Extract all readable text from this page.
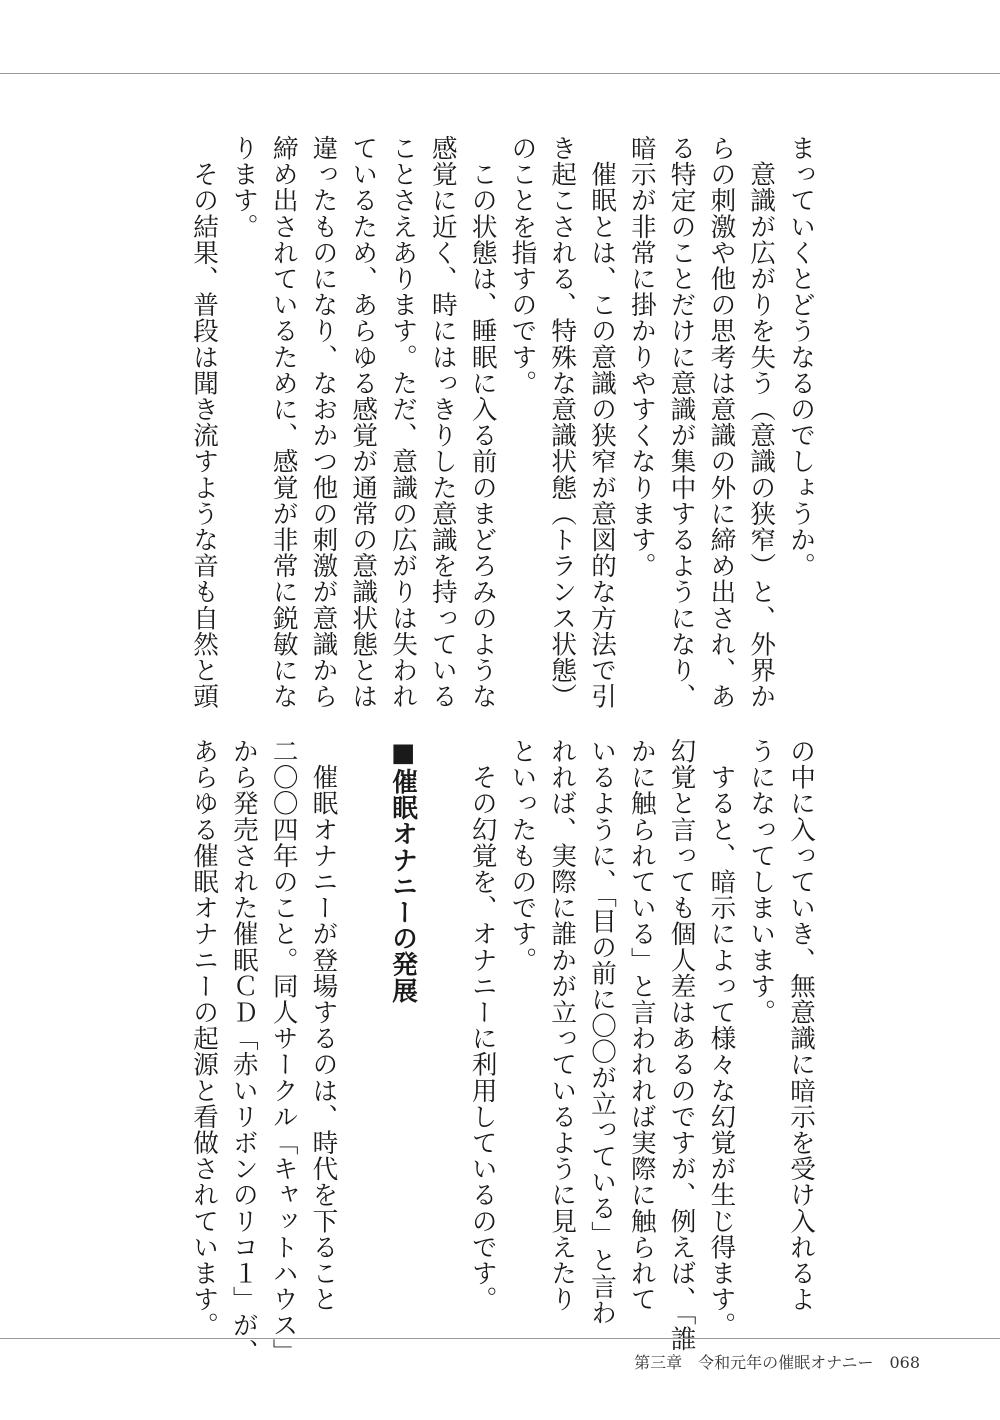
まっていくとどうなるのでしょうか。

　意識が広がりを失う（意識の狭窄）と、外界か

らの刺激や他の思考は意識の外に締め出され、あ

る特定のことだけに意識が集中するようになり、

暗示が非常に掛かりやすくなります。

　催眠とは、この意識の狭窄が意図的な方法で引

き起こされる、特殊な意識状態（トランス状態）

のことを指すのです。

　この状態は、睡眠に入る前のまどろみのような

感覚に近く、時にはっきりした意識を持っている

ことさえあります。ただ、意識の広がりは失われ

ているため、あらゆる感覚が通常の意識状態とは

違ったものになり、なおかつ他の刺激が意識から

締め出されているために、感覚が非常に鋭敏にな

ります。

　その結果、普段は聞き流すような音も自然と頭

の中に入っていき、無意識に暗示を受け入れるよ

うになってしまいます。

　すると、暗示によって様々な幻覚が生じ得ます。

幻覚と言っても個人差はあるのですが、例えば、「誰

かに触られている」と言われれば実際に触られて

いるように、「目の前に〇〇が立っている」と言わ

れれば、実際に誰かが立っているように見えたり

といったものです。

　その幻覚を、オナニーに利用しているのです。

■催眠オナニーの発展

　催眠オナニーが登場するのは、時代を下ること

二〇〇四年のこと。同人サークル「キャットハウス」

から発売された催眠ＣＤ「赤いリボンのリコ１」が、

あらゆる催眠オナニーの起源と看做されています。

第三章　令和元年の催眠オナニー 068
